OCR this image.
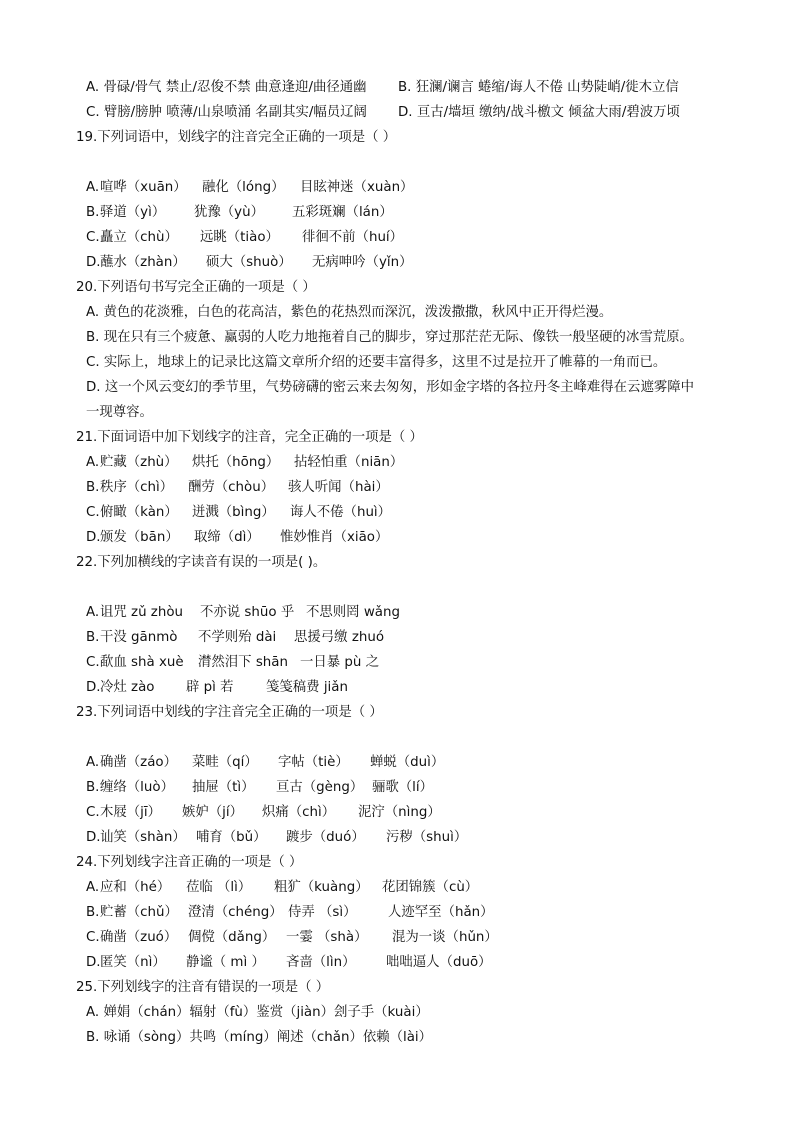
A. 骨碌/骨气 禁止/忍俊不禁 曲意逢迎/曲径通幽 B. 狂澜/谰言 蜷缩/诲人不倦 山势陡峭/徙木立信
C. 臂膀/膀肿 喷薄/山泉喷涌 名副其实/幅员辽阔 D. 亘古/墙垣 缴纳/战斗檄文 倾盆大雨/碧波万顷
19.下列词语中，划线字的注音完全正确的一项是（ ）
A. 喧哗（xuān） 融化（lóng） 目眩神迷（xuàn）
B. 驿道（yì） 犹豫（yù） 五彩斑斓（lán）
C. 矗立（chù） 远眺（tiào） 徘徊不前（huí）
D. 蘸水（zhàn） 硕大（shuò） 无病呻吟（yǐn）
20.下列语句书写完全正确的一项是（ ）
A. 黄色的花淡雅，白色的花高洁，紫色的花热烈而深沉，泼泼撒撒，秋风中正开得烂漫。
B. 现在只有三个疲惫、赢弱的人吃力地拖着自己的脚步，穿过那茫茫无际、像铁一般坚硬的冰雪荒原。
C. 实际上，地球上的记录比这篇文章所介绍的还要丰富得多，这里不过是拉开了帷幕的一角而已。
D. 这一个风云变幻的季节里，气势磅礴的密云来去匆匆，形如金字塔的各拉丹冬主峰难得在云遮雾障中
一现尊容。
21.下面词语中加下划线字的注音，完全正确的一项是（ ）
A. 贮藏（zhù） 烘托（hōng） 拈轻怕重（niān）
B. 秩序（chì） 酬劳（chòu） 骇人听闻（hài）
C. 俯瞰（kàn） 迸溅（bìng） 诲人不倦（huì）
D. 颁发（bān） 取缔（dì） 惟妙惟肖（xiāo）
22.下列加横线的字读音有误的一项是( )。
A. 诅咒 zǔ zhòu 不亦说 shūo 乎 不思则罔 wǎng
B. 干没 gānmò 不学则殆 dài 思援弓缴 zhuó
C. 歃血 shà xuè 潸然泪下 shān 一日暴 pù 之
D. 冷灶 zào 辟 pì 若 笺笺稿费 jiǎn
23.下列词语中划线的字注音完全正确的一项是（ ）
A. 确凿（záo） 菜畦（qí） 字帖（tiè） 蝉蜕（duì）
B. 缠络（luò） 抽屉（tì） 亘古（gèng） 骊歌（lí）
C. 木屐（jī） 嫉妒（jí） 炽痛（chì） 泥泞（nìng）
D. 讪笑（shàn） 哺育（bǔ） 踱步（duó） 污秽（shuì）
24.下列划线字注音正确的一项是（ ）
A. 应和（hé） 莅临 （lì） 粗犷（kuàng） 花团锦簇（cù）
B. 贮蓄（chǔ） 澄清（chéng） 侍弄 （sì） 人迹罕至（hǎn）
C. 确凿（zuó） 倜傥（dǎng） 一霎 （shà） 混为一谈（hǔn）
D. 匿笑（nì） 静谧（ mì ） 吝啬（lìn） 咄咄逼人（duō）
25.下列划线字的注音有错误的一项是（ ）
A. 婵娟（chán）辐射（fù）鉴赏（jiàn）刽子手（kuài）
B. 咏诵（sòng）共鸣（míng）阐述（chǎn）依赖（lài）
